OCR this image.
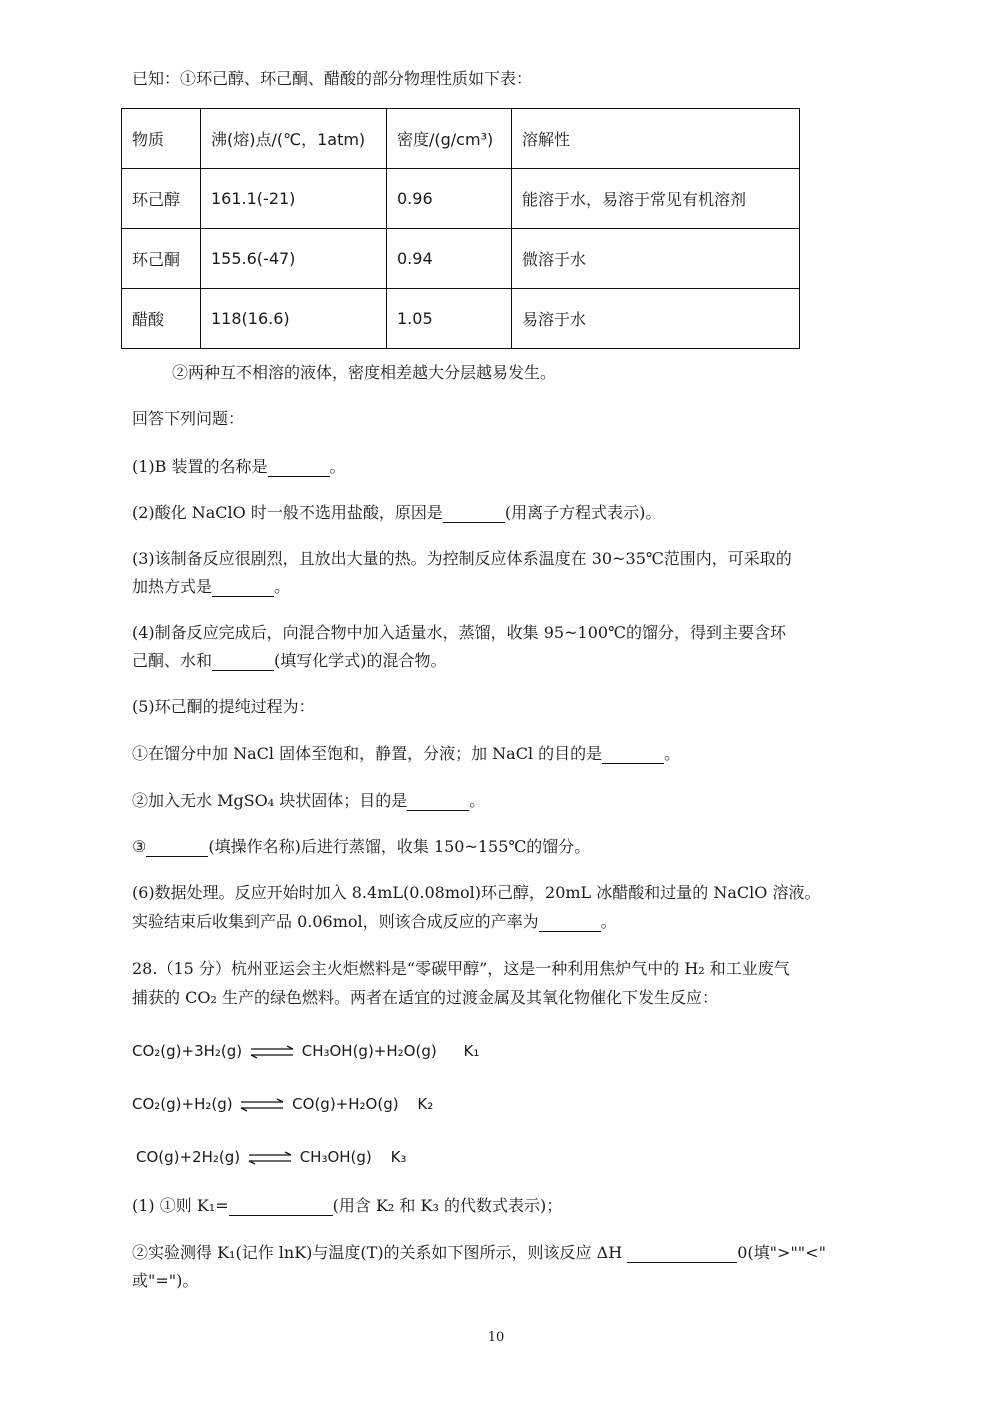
已知：①环己醇、环己酮、醋酸的部分物理性质如下表：
物质	沸(熔)点/(℃，1atm)	密度/(g/cm³)	溶解性
环己醇	161.1(-21)	0.96	能溶于水，易溶于常见有机溶剂
环己酮	155.6(-47)	0.94	微溶于水
醋酸	118(16.6)	1.05	易溶于水
②两种互不相溶的液体，密度相差越大分层越易发生。
回答下列问题：
(1)B 装置的名称是	。
(2)酸化 NaClO 时一般不选用盐酸，原因是	(用离子方程式表示)。
(3)该制备反应很剧烈，且放出大量的热。为控制反应体系温度在 30~35℃范围内，可采取的
加热方式是	。
(4)制备反应完成后，向混合物中加入适量水，蒸馏，收集 95~100℃的馏分，得到主要含环
己酮、水和	(填写化学式)的混合物。
(5)环己酮的提纯过程为：
①在馏分中加 NaCl 固体至饱和，静置，分液；加 NaCl 的目的是	。
②加入无水 MgSO₄ 块状固体；目的是	。
③	(填操作名称)后进行蒸馏，收集 150~155℃的馏分。
(6)数据处理。反应开始时加入 8.4mL(0.08mol)环己醇，20mL 冰醋酸和过量的 NaClO 溶液。
实验结束后收集到产品 0.06mol，则该合成反应的产率为	。
28.（15 分）杭州亚运会主火炬燃料是“零碳甲醇”，这是一种利用焦炉气中的 H₂ 和工业废气
捕获的 CO₂ 生产的绿色燃料。两者在适宜的过渡金属及其氧化物催化下发生反应：
CO₂(g)+3H₂(g) ⇌ CH₃OH(g)+H₂O(g) K₁
CO₂(g)+H₂(g) ⇌ CO(g)+H₂O(g) K₂
CO(g)+2H₂(g) ⇌ CH₃OH(g) K₃
(1) ①则 K₁=	(用含 K₂ 和 K₃ 的代数式表示)；
②实验测得 K₁(记作 lnK)与温度(T)的关系如下图所示，则该反应 ΔH	0(填">""<"
或"=")。
10
